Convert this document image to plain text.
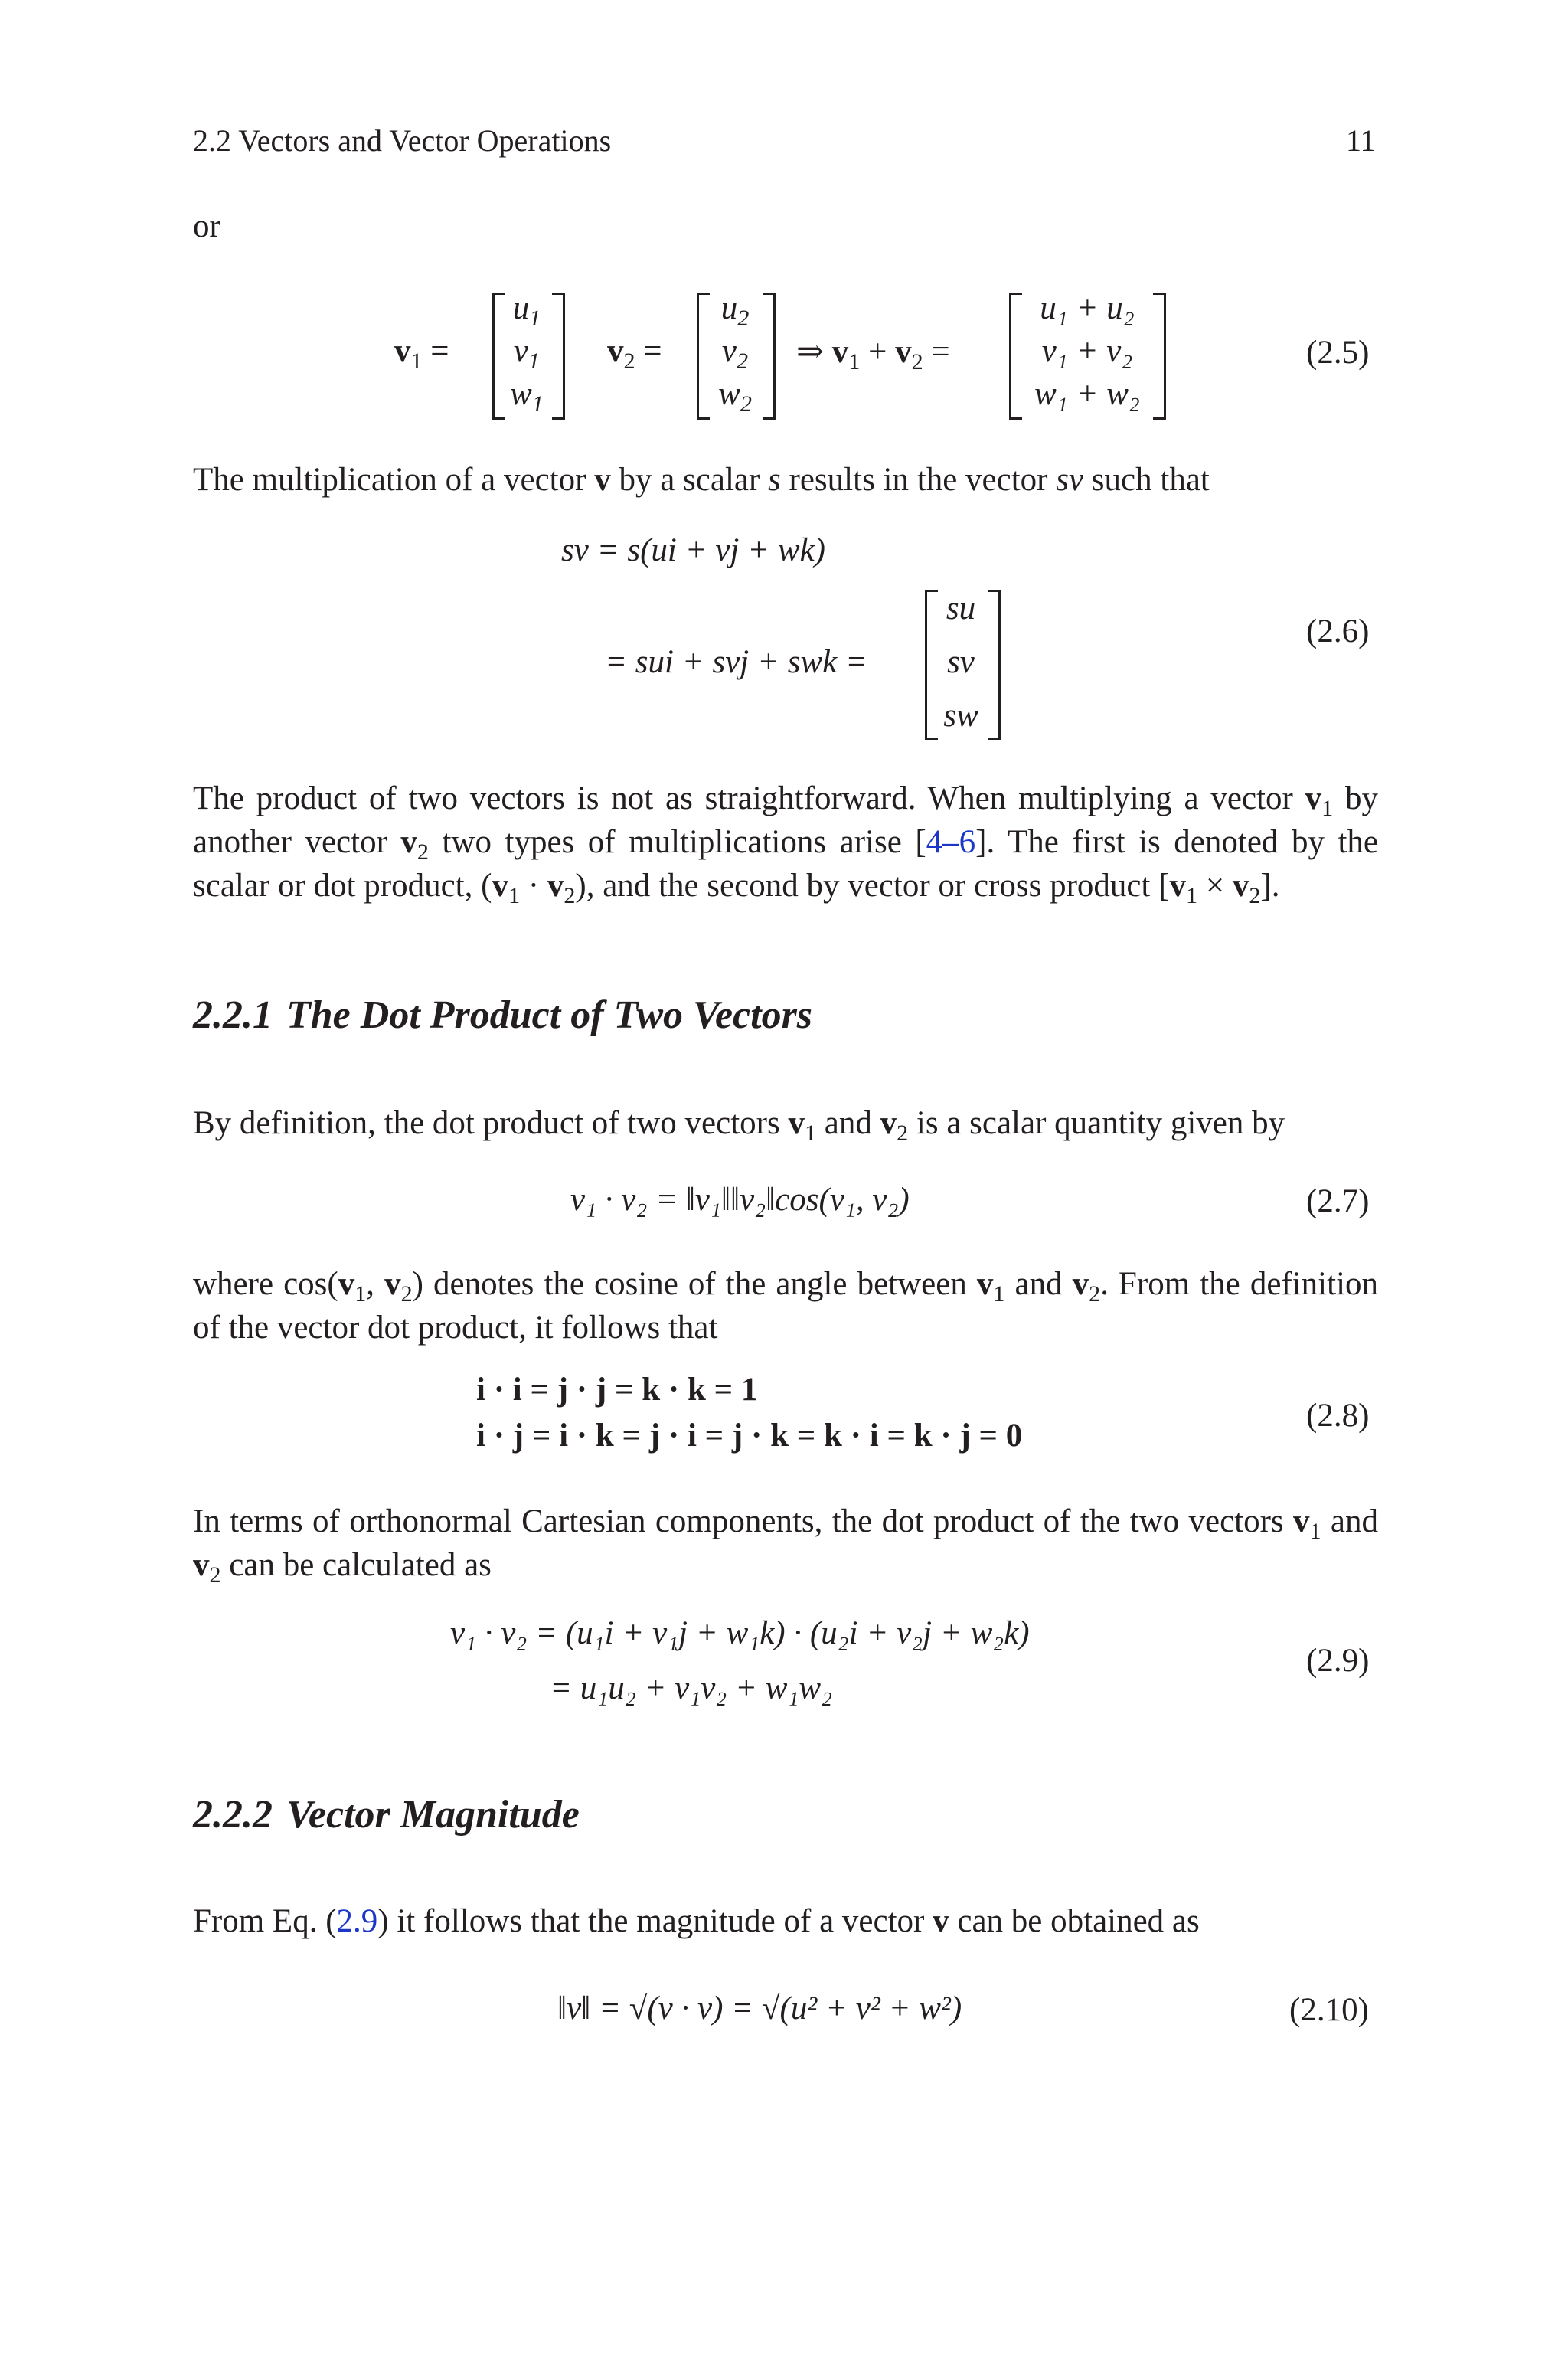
2.2 Vectors and Vector Operations	11
or
$v_1$ =
$u_1$
$v_1$
$w_1$
$v_2$ =
$u_2$
$v_2$
$w_2$
⇒ $v_1 + v_2$ =
u₁ + u₂
v₁ + v₂
w₁ + w₂
(2.5)

The multiplication of a vector v by a scalar s results in the vector sv such that

sv = s(ui + vj + wk)
= sui + svj + swk =
su
sv
sw
(2.6)

The product of two vectors is not as straightforward. When multiplying a vector $v_1$ by another vector $v_2$ two types of multiplications arise [4–6]. The first is denoted by the scalar or dot product, $(v_1 \cdot v_2)$, and the second by vector or cross product $[v_1 \times v_2]$.

2.2.1 The Dot Product of Two Vectors

By definition, the dot product of two vectors $v_1$ and $v_2$ is a scalar quantity given by

v₁ · v₂ = ‖v₁‖‖v₂‖cos(v₁, v₂)	(2.7)

where $\cos(v_1$, $v_2$) denotes the cosine of the angle between $v_1$ and $v_2$. From the definition of the vector dot product, it follows that

i · i = j · j = k · k = 1
i · j = i · k = j · i = j · k = k · i = k · j = 0
(2.8)

In terms of orthonormal Cartesian components, the dot product of the two vectors $v_1$ and $v_2$ can be calculated as

v₁ · v₂ = (u₁i + v₁j + w₁k) · (u₂i + v₂j + w₂k)
= u₁u₂ + v₁v₂ + w₁w₂
(2.9)
2.2.2 Vector Magnitude

From Eq. (2.9) it follows that the magnitude of a vector v can be obtained as

‖v‖ = √(v · v) = √(u² + v² + w²)	(2.10)
